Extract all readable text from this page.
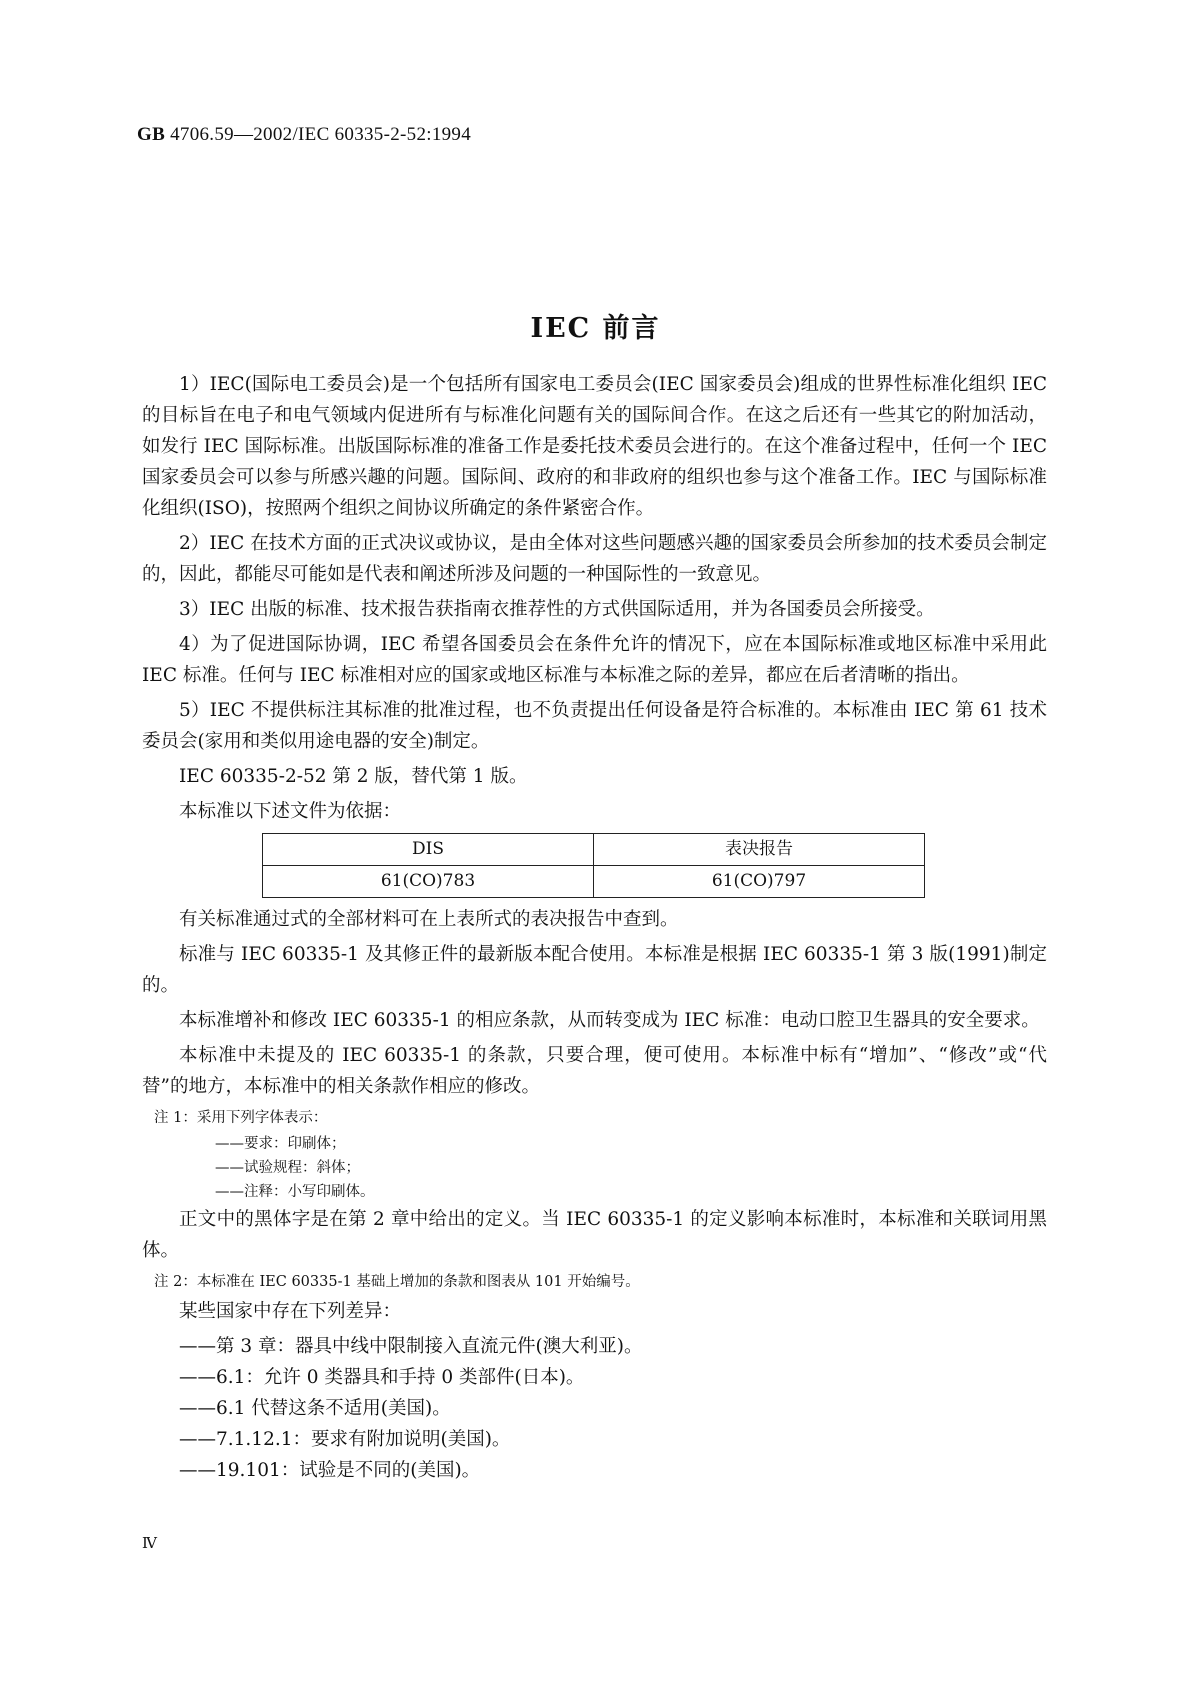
GB 4706.59—2002/IEC 60335-2-52:1994
IEC 前言

1）IEC(国际电工委员会)是一个包括所有国家电工委员会(IEC 国家委员会)组成的世界性标准化组织 IEC 的目标旨在电子和电气领域内促进所有与标准化问题有关的国际间合作。在这之后还有一些其它的附加活动，如发行 IEC 国际标准。出版国际标准的准备工作是委托技术委员会进行的。在这个准备过程中，任何一个 IEC 国家委员会可以参与所感兴趣的问题。国际间、政府的和非政府的组织也参与这个准备工作。IEC 与国际标准化组织(ISO)，按照两个组织之间协议所确定的条件紧密合作。

2）IEC 在技术方面的正式决议或协议，是由全体对这些问题感兴趣的国家委员会所参加的技术委员会制定的，因此，都能尽可能如是代表和阐述所涉及问题的一种国际性的一致意见。

3）IEC 出版的标准、技术报告获指南衣推荐性的方式供国际适用，并为各国委员会所接受。

4）为了促进国际协调，IEC 希望各国委员会在条件允许的情况下，应在本国际标准或地区标准中采用此 IEC 标准。任何与 IEC 标准相对应的国家或地区标准与本标准之际的差异，都应在后者清晰的指出。

5）IEC 不提供标注其标准的批准过程，也不负责提出任何设备是符合标准的。本标准由 IEC 第 61 技术委员会(家用和类似用途电器的安全)制定。

IEC 60335-2-52 第 2 版，替代第 1 版。

本标准以下述文件为依据：

DIS	表决报告
61(CO)783	61(CO)797

有关标准通过式的全部材料可在上表所式的表决报告中查到。

标准与 IEC 60335-1 及其修正件的最新版本配合使用。本标准是根据 IEC 60335-1 第 3 版(1991)制定的。

本标准增补和修改 IEC 60335-1 的相应条款，从而转变成为 IEC 标准：电动口腔卫生器具的安全要求。

本标准中未提及的 IEC 60335-1 的条款，只要合理，便可使用。本标准中标有“增加”、“修改”或“代替”的地方，本标准中的相关条款作相应的修改。

注 1：采用下列字体表示：

——要求：印刷体；

——试验规程：斜体；

——注释：小写印刷体。

正文中的黑体字是在第 2 章中给出的定义。当 IEC 60335-1 的定义影响本标准时，本标准和关联词用黑体。

注 2：本标准在 IEC 60335-1 基础上增加的条款和图表从 101 开始编号。

某些国家中存在下列差异：

——第 3 章：器具中线中限制接入直流元件(澳大利亚)。

——6.1：允许 0 类器具和手持 0 类部件(日本)。

——6.1 代替这条不适用(美国)。

——7.1.12.1：要求有附加说明(美国)。

——19.101：试验是不同的(美国)。

Ⅳ
